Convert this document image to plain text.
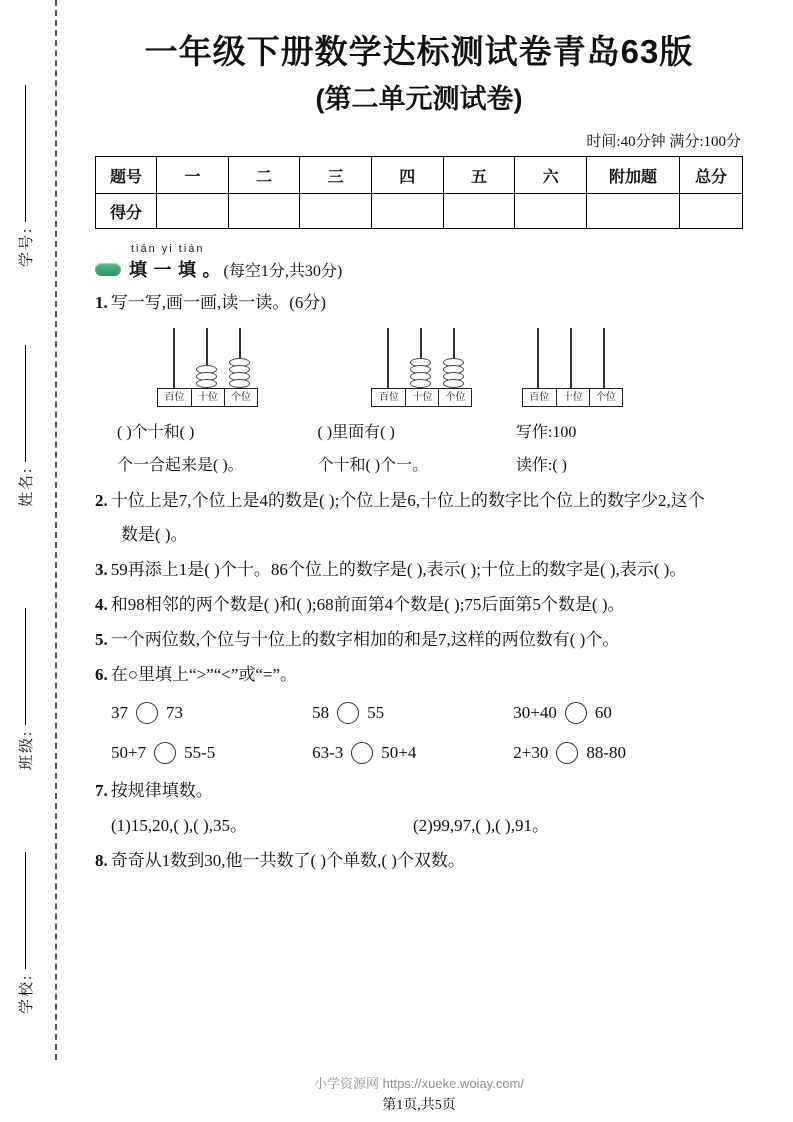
学号:
姓名:
班级:
学校:
一年级下册数学达标测试卷青岛63版
(第二单元测试卷)
时间:40分钟 满分:100分
题号	一	二	三	四	五	六	附加题	总分
得分								
tián yi tián
填 一 填 。 (每空1分,共30分)
1. 写一写,画一画,读一读。(6分)
百位	十位	个位	百位	十位	个位	百位	十位	个位
( )个十和( )
个一合起来是( )。
( )里面有( )
个十和( )个一。
写作:100
读作:( )
2. 十位上是7,个位上是4的数是( );个位上是6,十位上的数字比个位上的数字少2,这个数是( )。
3. 59再添上1是( )个十。86个位上的数字是( ),表示( );十位上的数字是( ),表示( )。
4. 和98相邻的两个数是( )和( );68前面第4个数是( );75后面第5个数是( )。
5. 一个两位数,个位与十位上的数字相加的和是7,这样的两位数有( )个。
6. 在○里填上“>”“<”或“=”。
37 73	58 55	30+40 60
50+7 55-5	63-3 50+4	2+30 88-80
7. 按规律填数。
(1)15,20,( ),( ),35。	(2)99,97,( ),( ),91。
8. 奇奇从1数到30,他一共数了( )个单数,( )个双数。
小学资源网 https://xueke.woiay.com/
第1页,共5页
